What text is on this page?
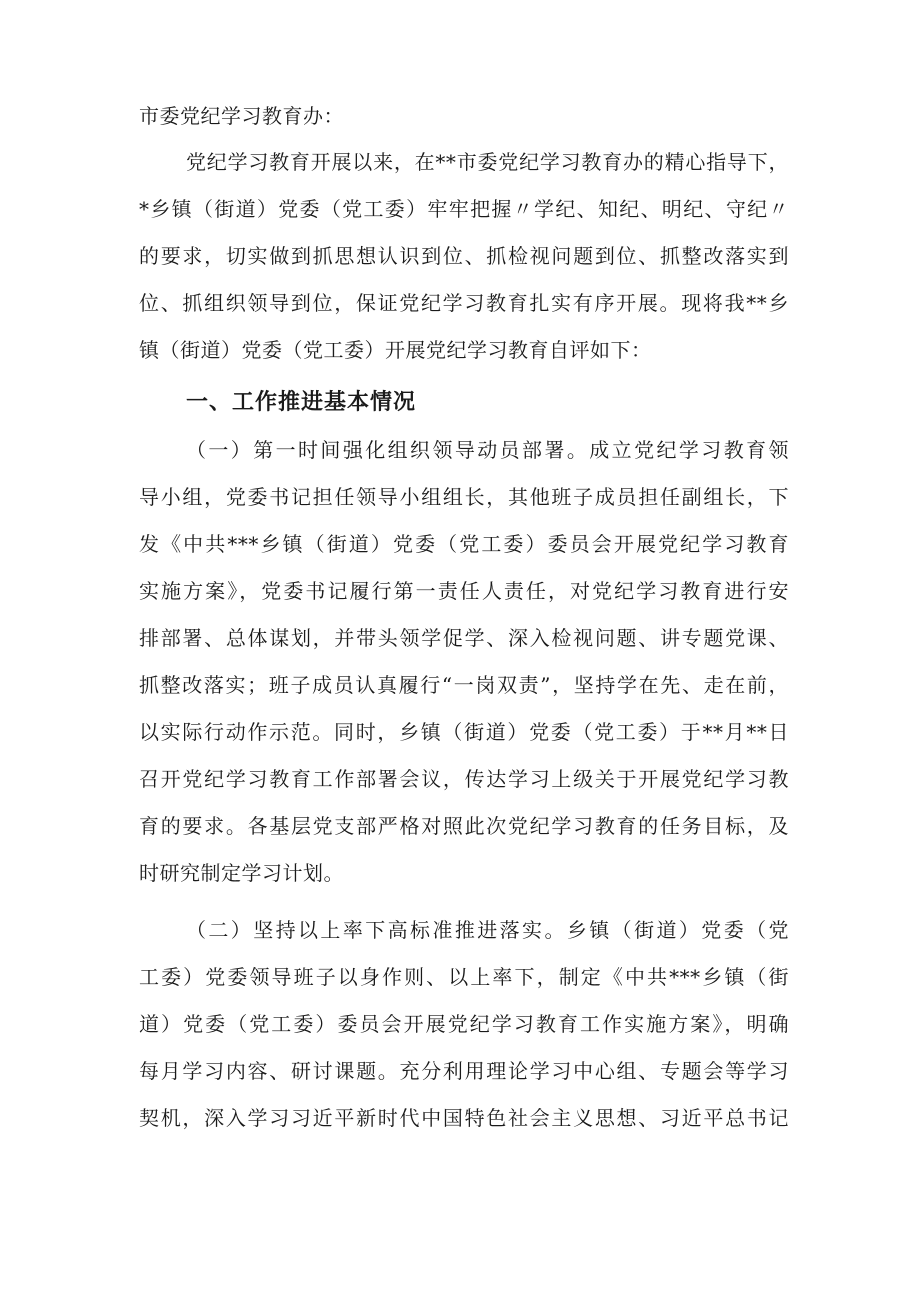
市委党纪学习教育办：
党纪学习教育开展以来，在**市委党纪学习教育办的精心指导下，
*乡镇（街道）党委（党工委）牢牢把握〃学纪、知纪、明纪、守纪〃
的要求，切实做到抓思想认识到位、抓检视问题到位、抓整改落实到
位、抓组织领导到位，保证党纪学习教育扎实有序开展。现将我**乡
镇（街道）党委（党工委）开展党纪学习教育自评如下：
一、工作推进基本情况
（一）第一时间强化组织领导动员部署。成立党纪学习教育领
导小组，党委书记担任领导小组组长，其他班子成员担任副组长，下
发《中共***乡镇（街道）党委（党工委）委员会开展党纪学习教育
实施方案》，党委书记履行第一责任人责任，对党纪学习教育进行安
排部署、总体谋划，并带头领学促学、深入检视问题、讲专题党课、
抓整改落实；班子成员认真履行“一岗双责”，坚持学在先、走在前，
以实际行动作示范。同时，乡镇（街道）党委（党工委）于**月**日
召开党纪学习教育工作部署会议，传达学习上级关于开展党纪学习教
育的要求。各基层党支部严格对照此次党纪学习教育的任务目标，及
时研究制定学习计划。
（二）坚持以上率下高标准推进落实。乡镇（街道）党委（党
工委）党委领导班子以身作则、以上率下，制定《中共***乡镇（街
道）党委（党工委）委员会开展党纪学习教育工作实施方案》，明确
每月学习内容、研讨课题。充分利用理论学习中心组、专题会等学习
契机，深入学习习近平新时代中国特色社会主义思想、习近平总书记
